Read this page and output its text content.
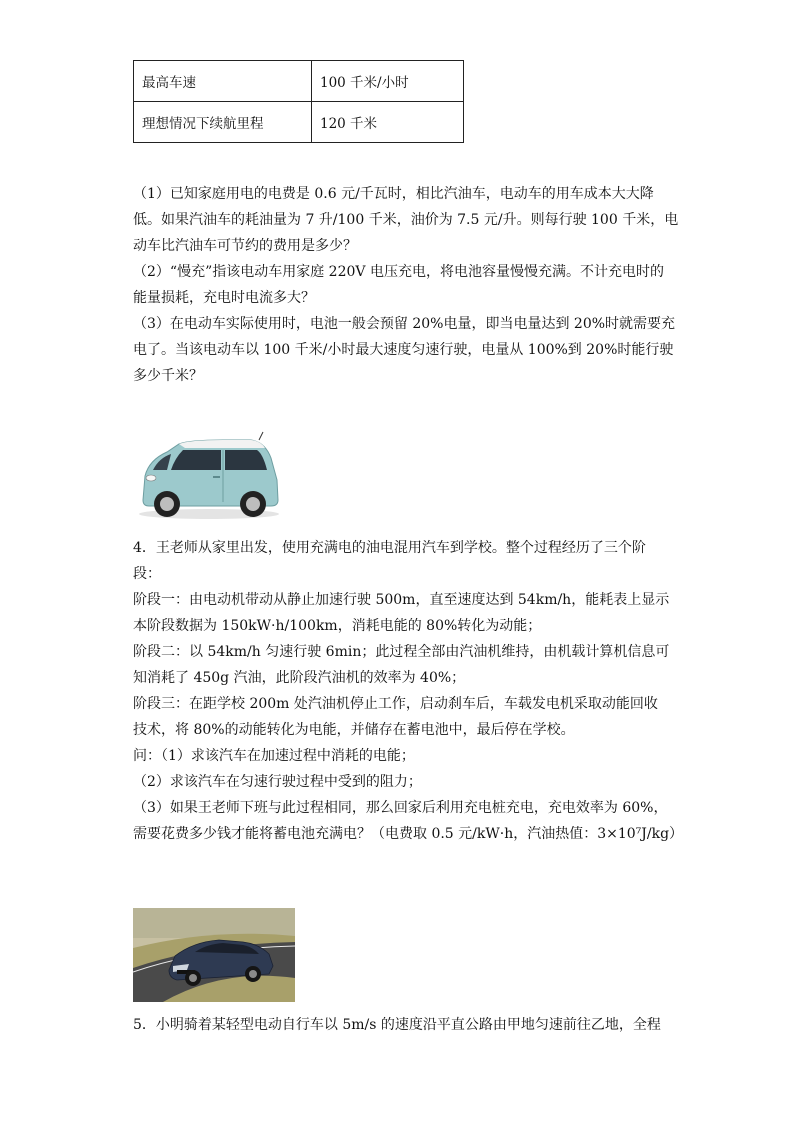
最高车速	100 千米/小时
理想情况下续航里程	120 千米
（1）已知家庭用电的电费是 0.6 元/千瓦时，相比汽油车，电动车的用车成本大大降
低。如果汽油车的耗油量为 7 升/100 千米，油价为 7.5 元/升。则每行驶 100 千米，电
动车比汽油车可节约的费用是多少？
（2）“慢充”指该电动车用家庭 220V 电压充电，将电池容量慢慢充满。不计充电时的
能量损耗，充电时电流多大？
（3）在电动车实际使用时，电池一般会预留 20%电量，即当电量达到 20%时就需要充
电了。当该电动车以 100 千米/小时最大速度匀速行驶，电量从 100%到 20%时能行驶
多少千米？
4．王老师从家里出发，使用充满电的油电混用汽车到学校。整个过程经历了三个阶
段：
阶段一：由电动机带动从静止加速行驶 500m，直至速度达到 54km/h，能耗表上显示
本阶段数据为 150kW·h/100km，消耗电能的 80%转化为动能；
阶段二：以 54km/h 匀速行驶 6min；此过程全部由汽油机维持，由机载计算机信息可
知消耗了 450g 汽油，此阶段汽油机的效率为 40%；
阶段三：在距学校 200m 处汽油机停止工作，启动刹车后，车载发电机采取动能回收
技术，将 80%的动能转化为电能，并储存在蓄电池中，最后停在学校。
问：（1）求该汽车在加速过程中消耗的电能；
（2）求该汽车在匀速行驶过程中受到的阻力；
（3）如果王老师下班与此过程相同，那么回家后利用充电桩充电，充电效率为 60%，
需要花费多少钱才能将蓄电池充满电？（电费取 0.5 元/kW·h，汽油热值：3×10⁷J/kg）
5．小明骑着某轻型电动自行车以 5m/s 的速度沿平直公路由甲地匀速前往乙地，全程
